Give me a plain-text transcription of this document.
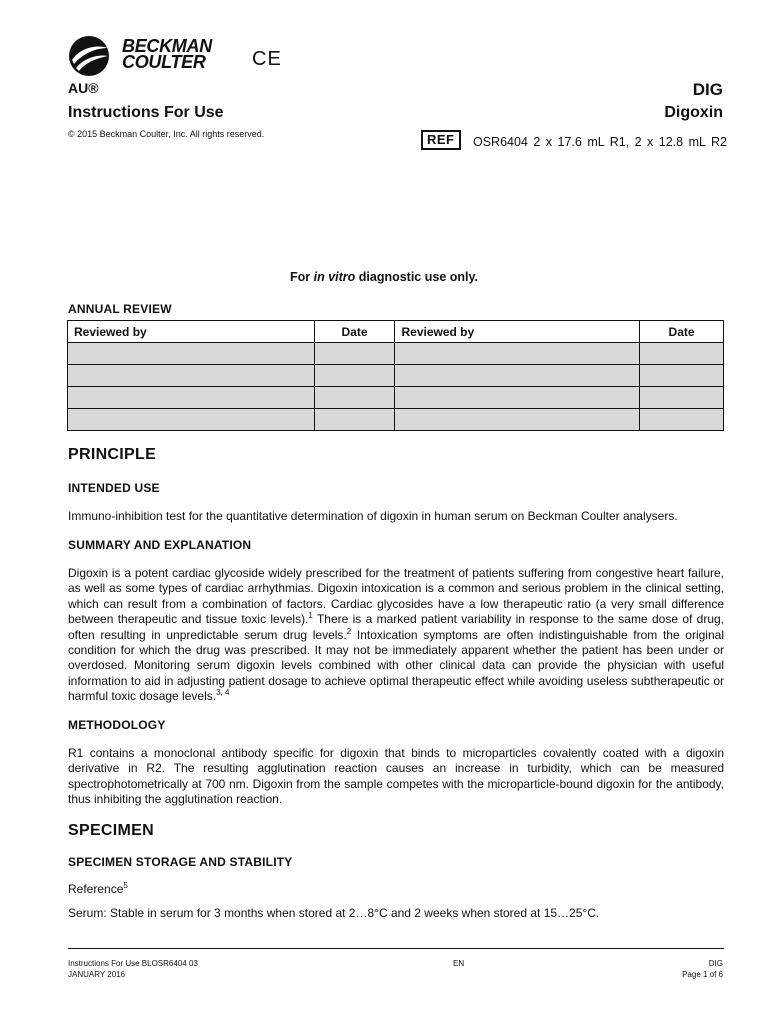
BECKMAN
COULTER	CE
AU®
Instructions For Use
© 2015 Beckman Coulter, Inc. All rights reserved.
DIG
Digoxin
REF	OSR6404 2 x 17.6 mL R1, 2 x 12.8 mL R2
For in vitro diagnostic use only.
ANNUAL REVIEW
Reviewed by	Date	Reviewed by	Date

PRINCIPLE
INTENDED USE
Immuno-inhibition test for the quantitative determination of digoxin in human serum on Beckman Coulter analysers.
SUMMARY AND EXPLANATION
Digoxin is a potent cardiac glycoside widely prescribed for the treatment of patients suffering from congestive heart failure, as well as some types of cardiac arrhythmias. Digoxin intoxication is a common and serious problem in the clinical setting, which can result from a combination of factors. Cardiac glycosides have a low therapeutic ratio (a very small difference between therapeutic and tissue toxic levels).$^1$ There is a marked patient variability in response to the same dose of drug, often resulting in unpredictable serum drug levels.$^2$ Intoxication symptoms are often indistinguishable from the original condition for which the drug was prescribed. It may not be immediately apparent whether the patient has been under or overdosed. Monitoring serum digoxin levels combined with other clinical data can provide the physician with useful information to aid in adjusting patient dosage to achieve optimal therapeutic effect while avoiding useless subtherapeutic or harmful toxic dosage levels.$^{3, 4}$
METHODOLOGY
R1 contains a monoclonal antibody specific for digoxin that binds to microparticles covalently coated with a digoxin derivative in R2. The resulting agglutination reaction causes an increase in turbidity, which can be measured spectrophotometrically at 700 nm. Digoxin from the sample competes with the microparticle-bound digoxin for the antibody, thus inhibiting the agglutination reaction.
SPECIMEN
SPECIMEN STORAGE AND STABILITY
Reference$^5$
Serum: Stable in serum for 3 months when stored at 2…8°C and 2 weeks when stored at 15…25°C.
Instructions For Use BLOSR6404 03
JANUARY 2016
EN	DIG
Page 1 of 6
